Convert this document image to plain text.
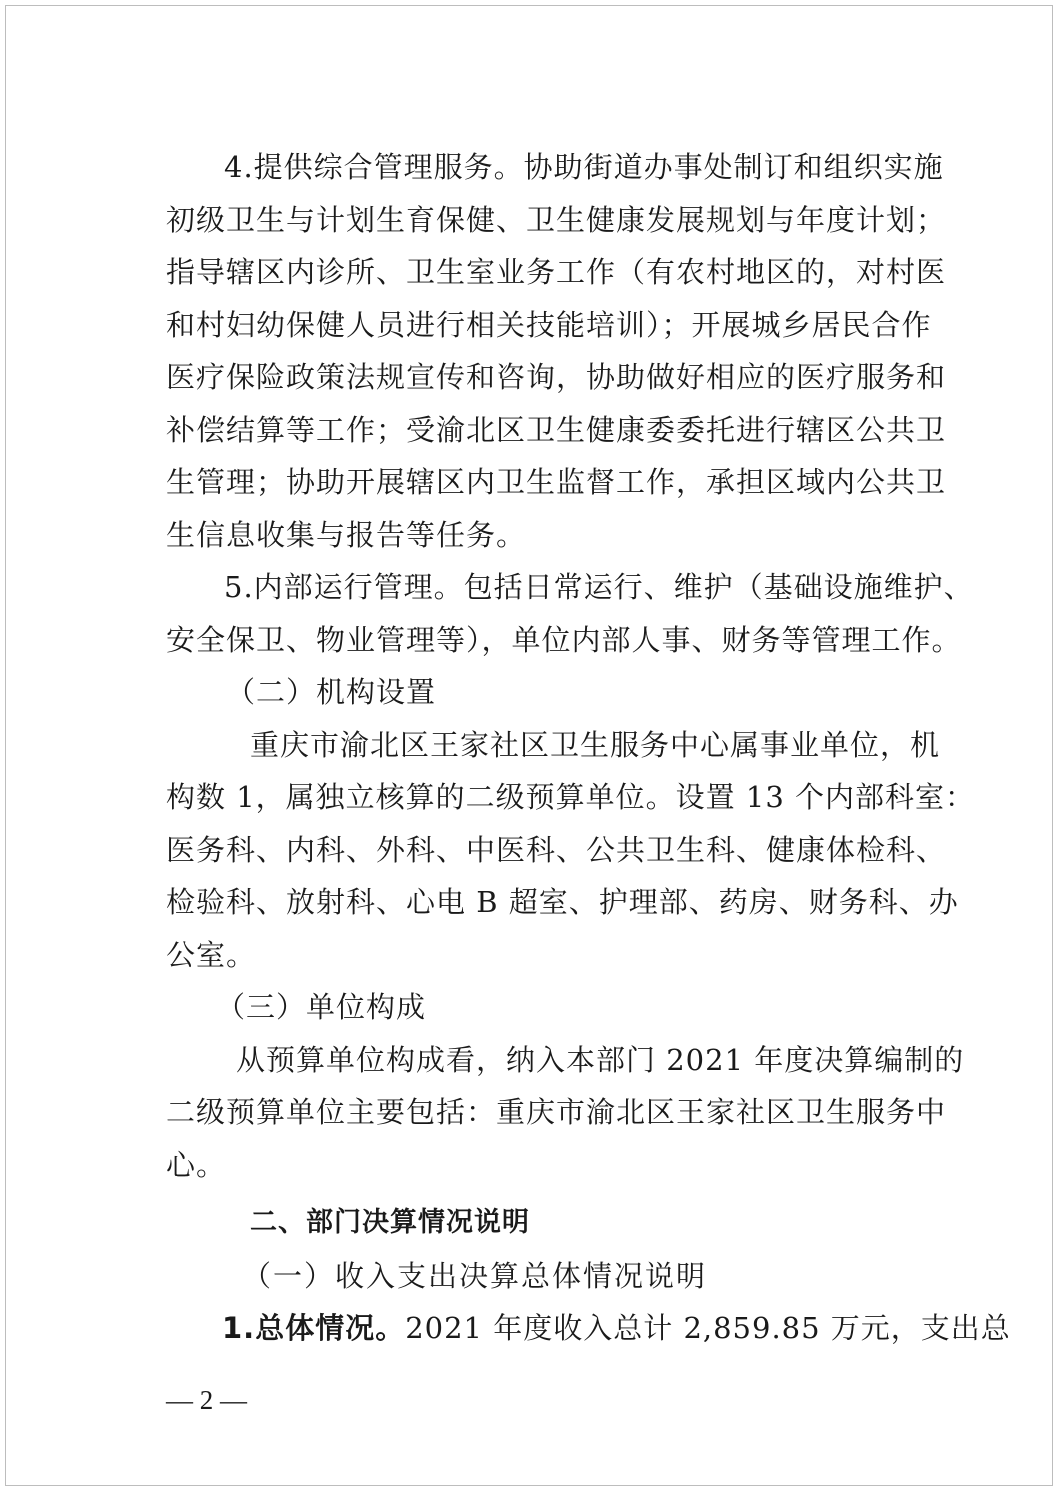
4.提供综合管理服务。协助街道办事处制订和组织实施
初级卫生与计划生育保健、卫生健康发展规划与年度计划；
指导辖区内诊所、卫生室业务工作（有农村地区的，对村医
和村妇幼保健人员进行相关技能培训）；开展城乡居民合作
医疗保险政策法规宣传和咨询，协助做好相应的医疗服务和
补偿结算等工作；受渝北区卫生健康委委托进行辖区公共卫
生管理；协助开展辖区内卫生监督工作，承担区域内公共卫
生信息收集与报告等任务。
5.内部运行管理。包括日常运行、维护（基础设施维护、
安全保卫、物业管理等），单位内部人事、财务等管理工作。
（二）机构设置
重庆市渝北区王家社区卫生服务中心属事业单位，机
构数 1，属独立核算的二级预算单位。设置 13 个内部科室：
医务科、内科、外科、中医科、公共卫生科、健康体检科、
检验科、放射科、心电 B 超室、护理部、药房、财务科、办
公室。
（三）单位构成
从预算单位构成看，纳入本部门 2021 年度决算编制的
二级预算单位主要包括：重庆市渝北区王家社区卫生服务中
心。
二、部门决算情况说明
（一）收入支出决算总体情况说明
1.总体情况。2021 年度收入总计 2,859.85 万元，支出总
— 2 —
